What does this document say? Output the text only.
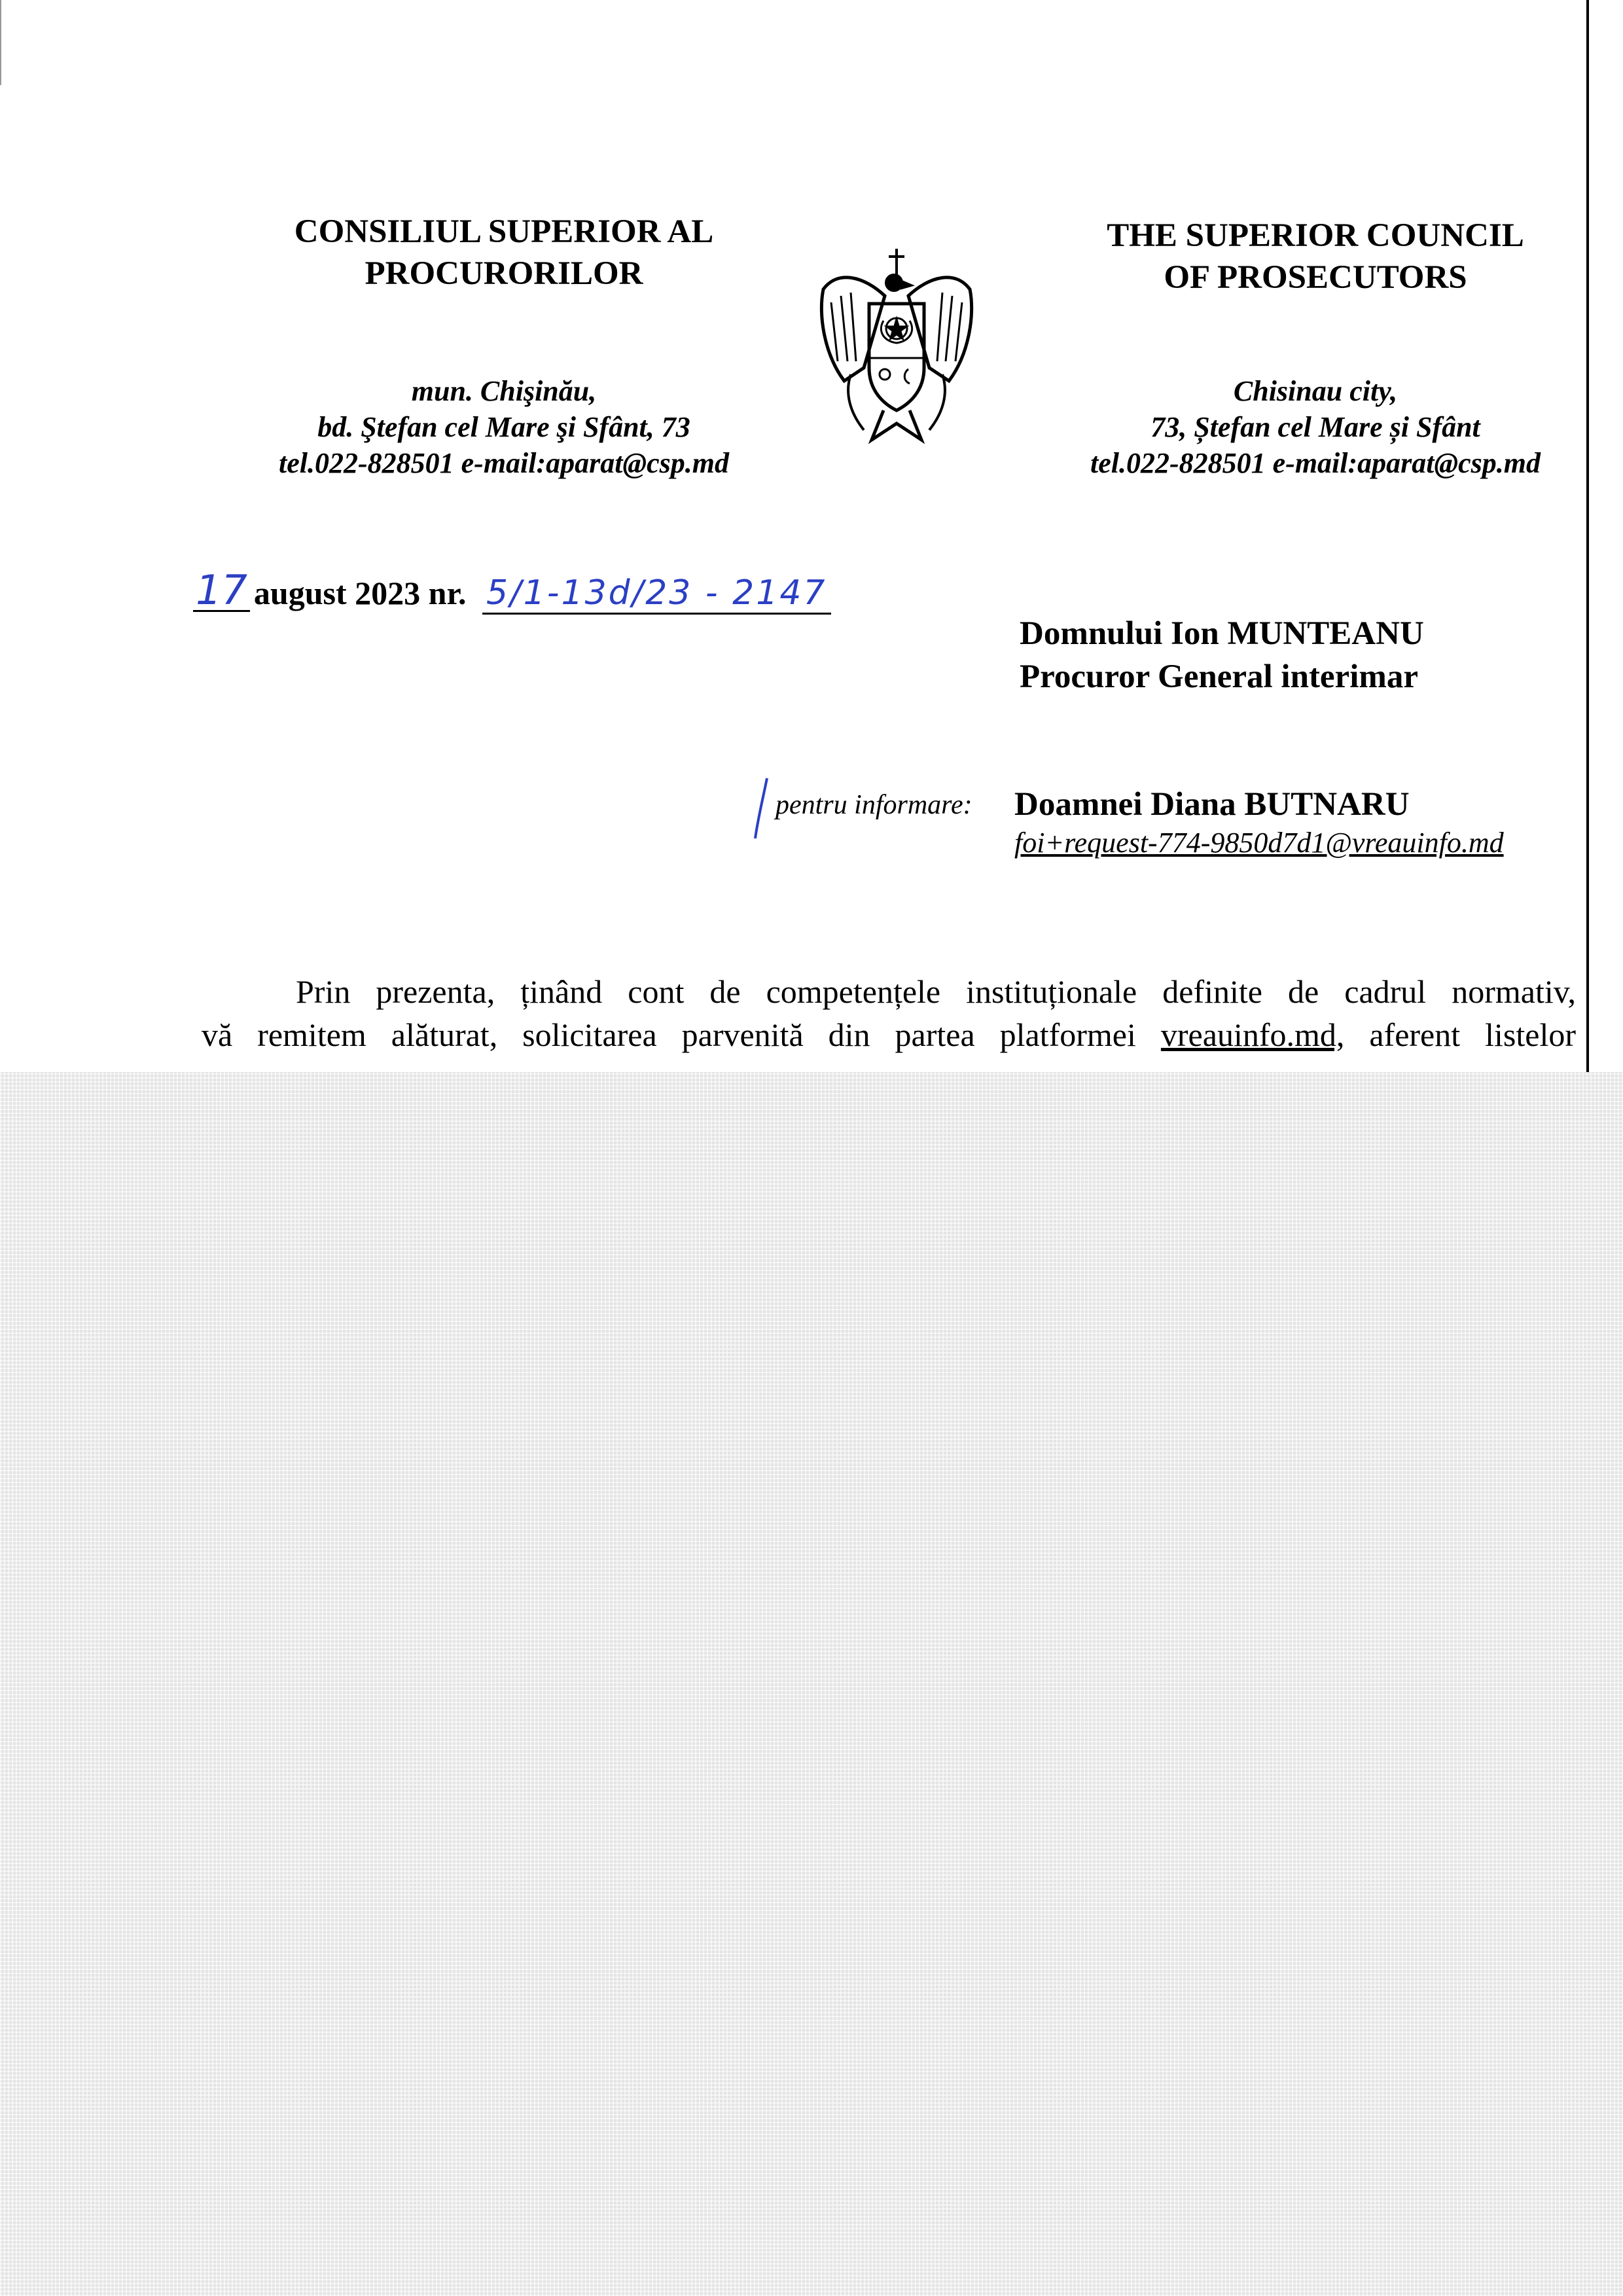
CONSILIUL SUPERIOR AL
PROCURORILOR
mun. Chişinău,
bd. Ştefan cel Mare şi Sfânt, 73
tel.022-828501 e-mail:aparat@csp.md
THE SUPERIOR COUNCIL
OF PROSECUTORS
Chisinau city,
73, Ștefan cel Mare și Sfânt
tel.022-828501 e-mail:aparat@csp.md
17 august 2023 nr. 5/1-13d/23 - 2147
Domnului Ion MUNTEANU
Procuror General interimar
pentru informare: Doamnei Diana BUTNARU
foi+request-774-9850d7d1@vreauinfo.md

Prin prezenta, ținând cont de competențele instituționale definite de cadrul normativ,

vă remitem alăturat, solicitarea parvenită din partea platformei vreauinfo.md, aferent listelor
